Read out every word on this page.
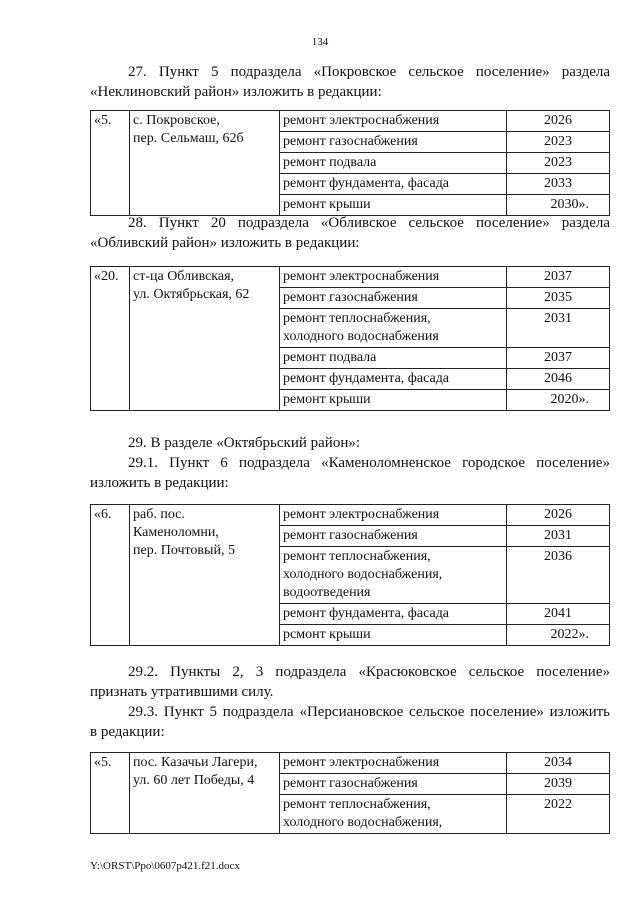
134
27. Пункт 5 подраздела «Покровское сельское поселение» раздела
«Неклиновский район» изложить в редакции:
«5.	с. Покровское,
пер. Сельмаш, 62б	ремонт электроснабжения	2026
		ремонт газоснабжения	2023
		ремонт подвала	2023
		ремонт фундамента, фасада	2033
		ремонт крыши	2030».
28. Пункт 20 подраздела «Обливское сельское поселение» раздела
«Обливский район» изложить в редакции:
«20.	ст-ца Обливская,
ул. Октябрьская, 62	ремонт электроснабжения	2037
		ремонт газоснабжения	2035

		ремонт теплоснабжения,
холодного водоснабжения	2031
		ремонт подвала	2037
		ремонт фундамента, фасада	2046
		ремонт крыши	2020».
29. В разделе «Октябрьский район»:
29.1. Пункт 6 подраздела «Каменоломненское городское поселение»
изложить в редакции:
«6.	раб. пос.
Каменоломни,
пер. Почтовый, 5	ремонт электроснабжения	2026
		ремонт газоснабжения	2031

		ремонт теплоснабжения,
холодного водоснабжения,
водоотведения	2036
		ремонт фундамента, фасада	2041
		рсмонт крыши	2022».
29.2. Пункты 2, 3 подраздела «Красюковское сельское поселение»
признать утратившими силу.
29.3. Пункт 5 подраздела «Персиановское сельское поселение» изложить
в редакции:
«5.	пос. Казачьи Лагери,
ул. 60 лет Победы, 4	ремонт электроснабжения	2034
		ремонт газоснабжения	2039

		ремонт теплоснабжения,
холодного водоснабжения,	2022
Y:\ORST\Ppo\0607p421.f21.docx
